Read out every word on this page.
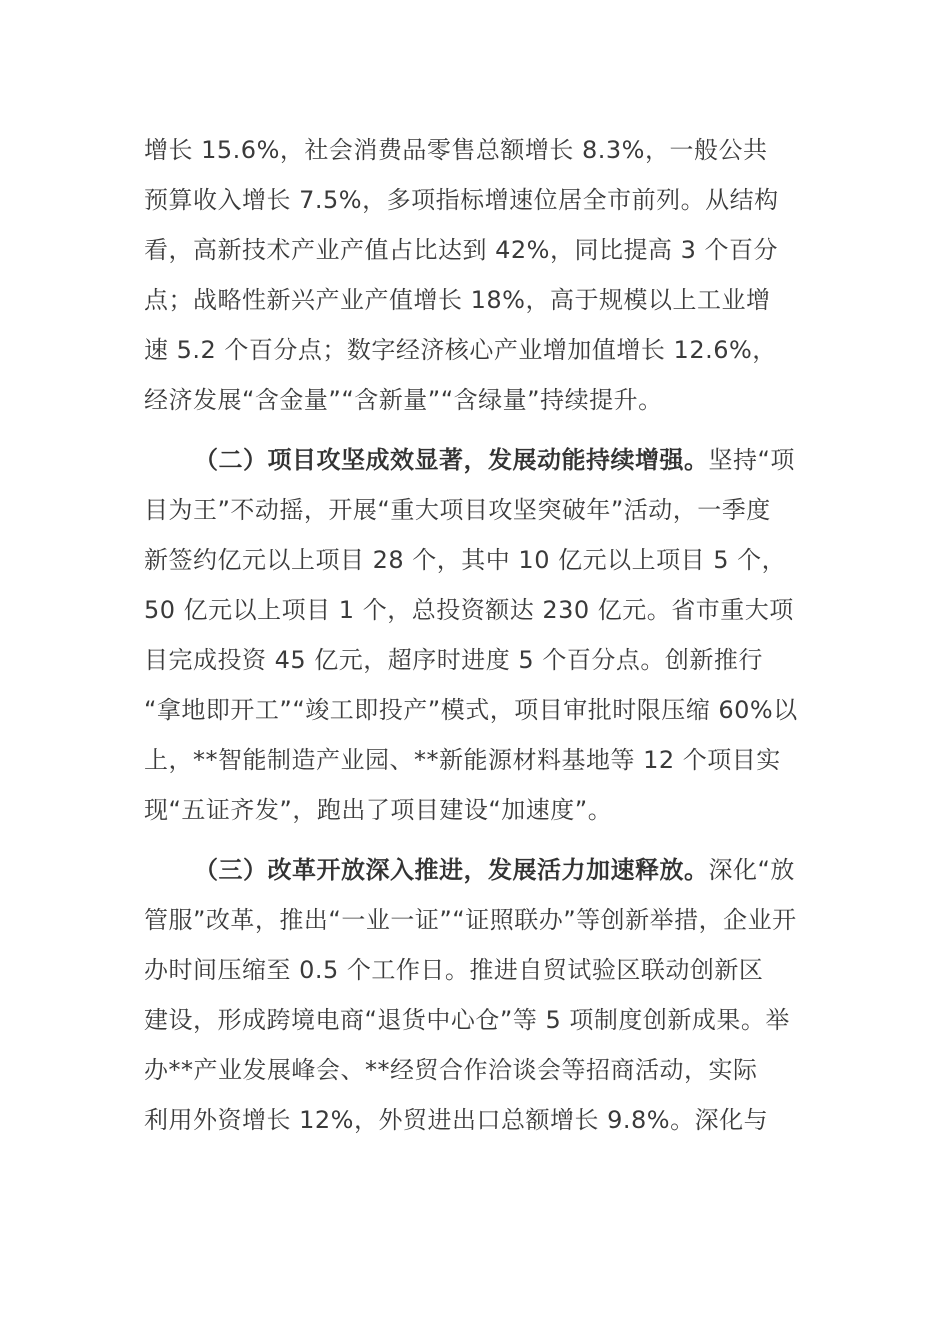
增长 15.6%，社会消费品零售总额增长 8.3%，一般公共
预算收入增长 7.5%，多项指标增速位居全市前列。从结构
看，高新技术产业产值占比达到 42%，同比提高 3 个百分
点；战略性新兴产业产值增长 18%，高于规模以上工业增
速 5.2 个百分点；数字经济核心产业增加值增长 12.6%，
经济发展“含金量”“含新量”“含绿量”持续提升。
（二）项目攻坚成效显著，发展动能持续增强。坚持“项
目为王”不动摇，开展“重大项目攻坚突破年”活动，一季度
新签约亿元以上项目 28 个，其中 10 亿元以上项目 5 个，
50 亿元以上项目 1 个，总投资额达 230 亿元。省市重大项
目完成投资 45 亿元，超序时进度 5 个百分点。创新推行
“拿地即开工”“竣工即投产”模式，项目审批时限压缩 60%以
上，**智能制造产业园、**新能源材料基地等 12 个项目实
现“五证齐发”，跑出了项目建设“加速度”。
（三）改革开放深入推进，发展活力加速释放。深化“放
管服”改革，推出“一业一证”“证照联办”等创新举措，企业开
办时间压缩至 0.5 个工作日。推进自贸试验区联动创新区
建设，形成跨境电商“退货中心仓”等 5 项制度创新成果。举
办**产业发展峰会、**经贸合作洽谈会等招商活动，实际
利用外资增长 12%，外贸进出口总额增长 9.8%。深化与
